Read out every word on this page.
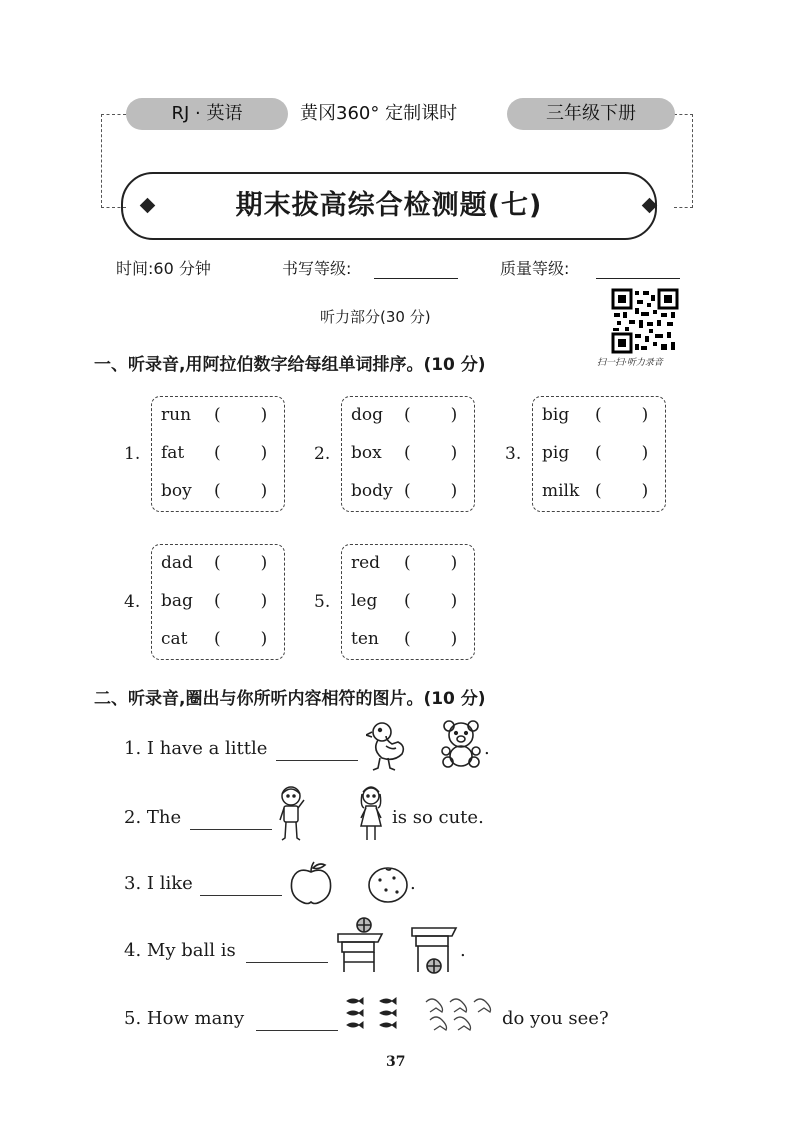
RJ · 英语	黄冈360° 定制课时	三年级下册
期末拔高综合检测题(七)
时间:60 分钟	书写等级:	质量等级:
听力部分(30 分)
扫一扫·听力录音
一、听录音,用阿拉伯数字给每组单词排序。(10 分)
1.
run ( )
fat ( )
boy ( )
2.
dog ( )
box ( )
body ( )
3.
big ( )
pig ( )
milk ( )
4.
dad ( )
bag ( )
cat ( )
5.
red ( )
leg ( )
ten ( )
二、听录音,圈出与你所听内容相符的图片。(10 分)
1. I have a little	.
2. The	is so cute.
3. I like	.
4. My ball is	.
5. How many	do you see?
37
